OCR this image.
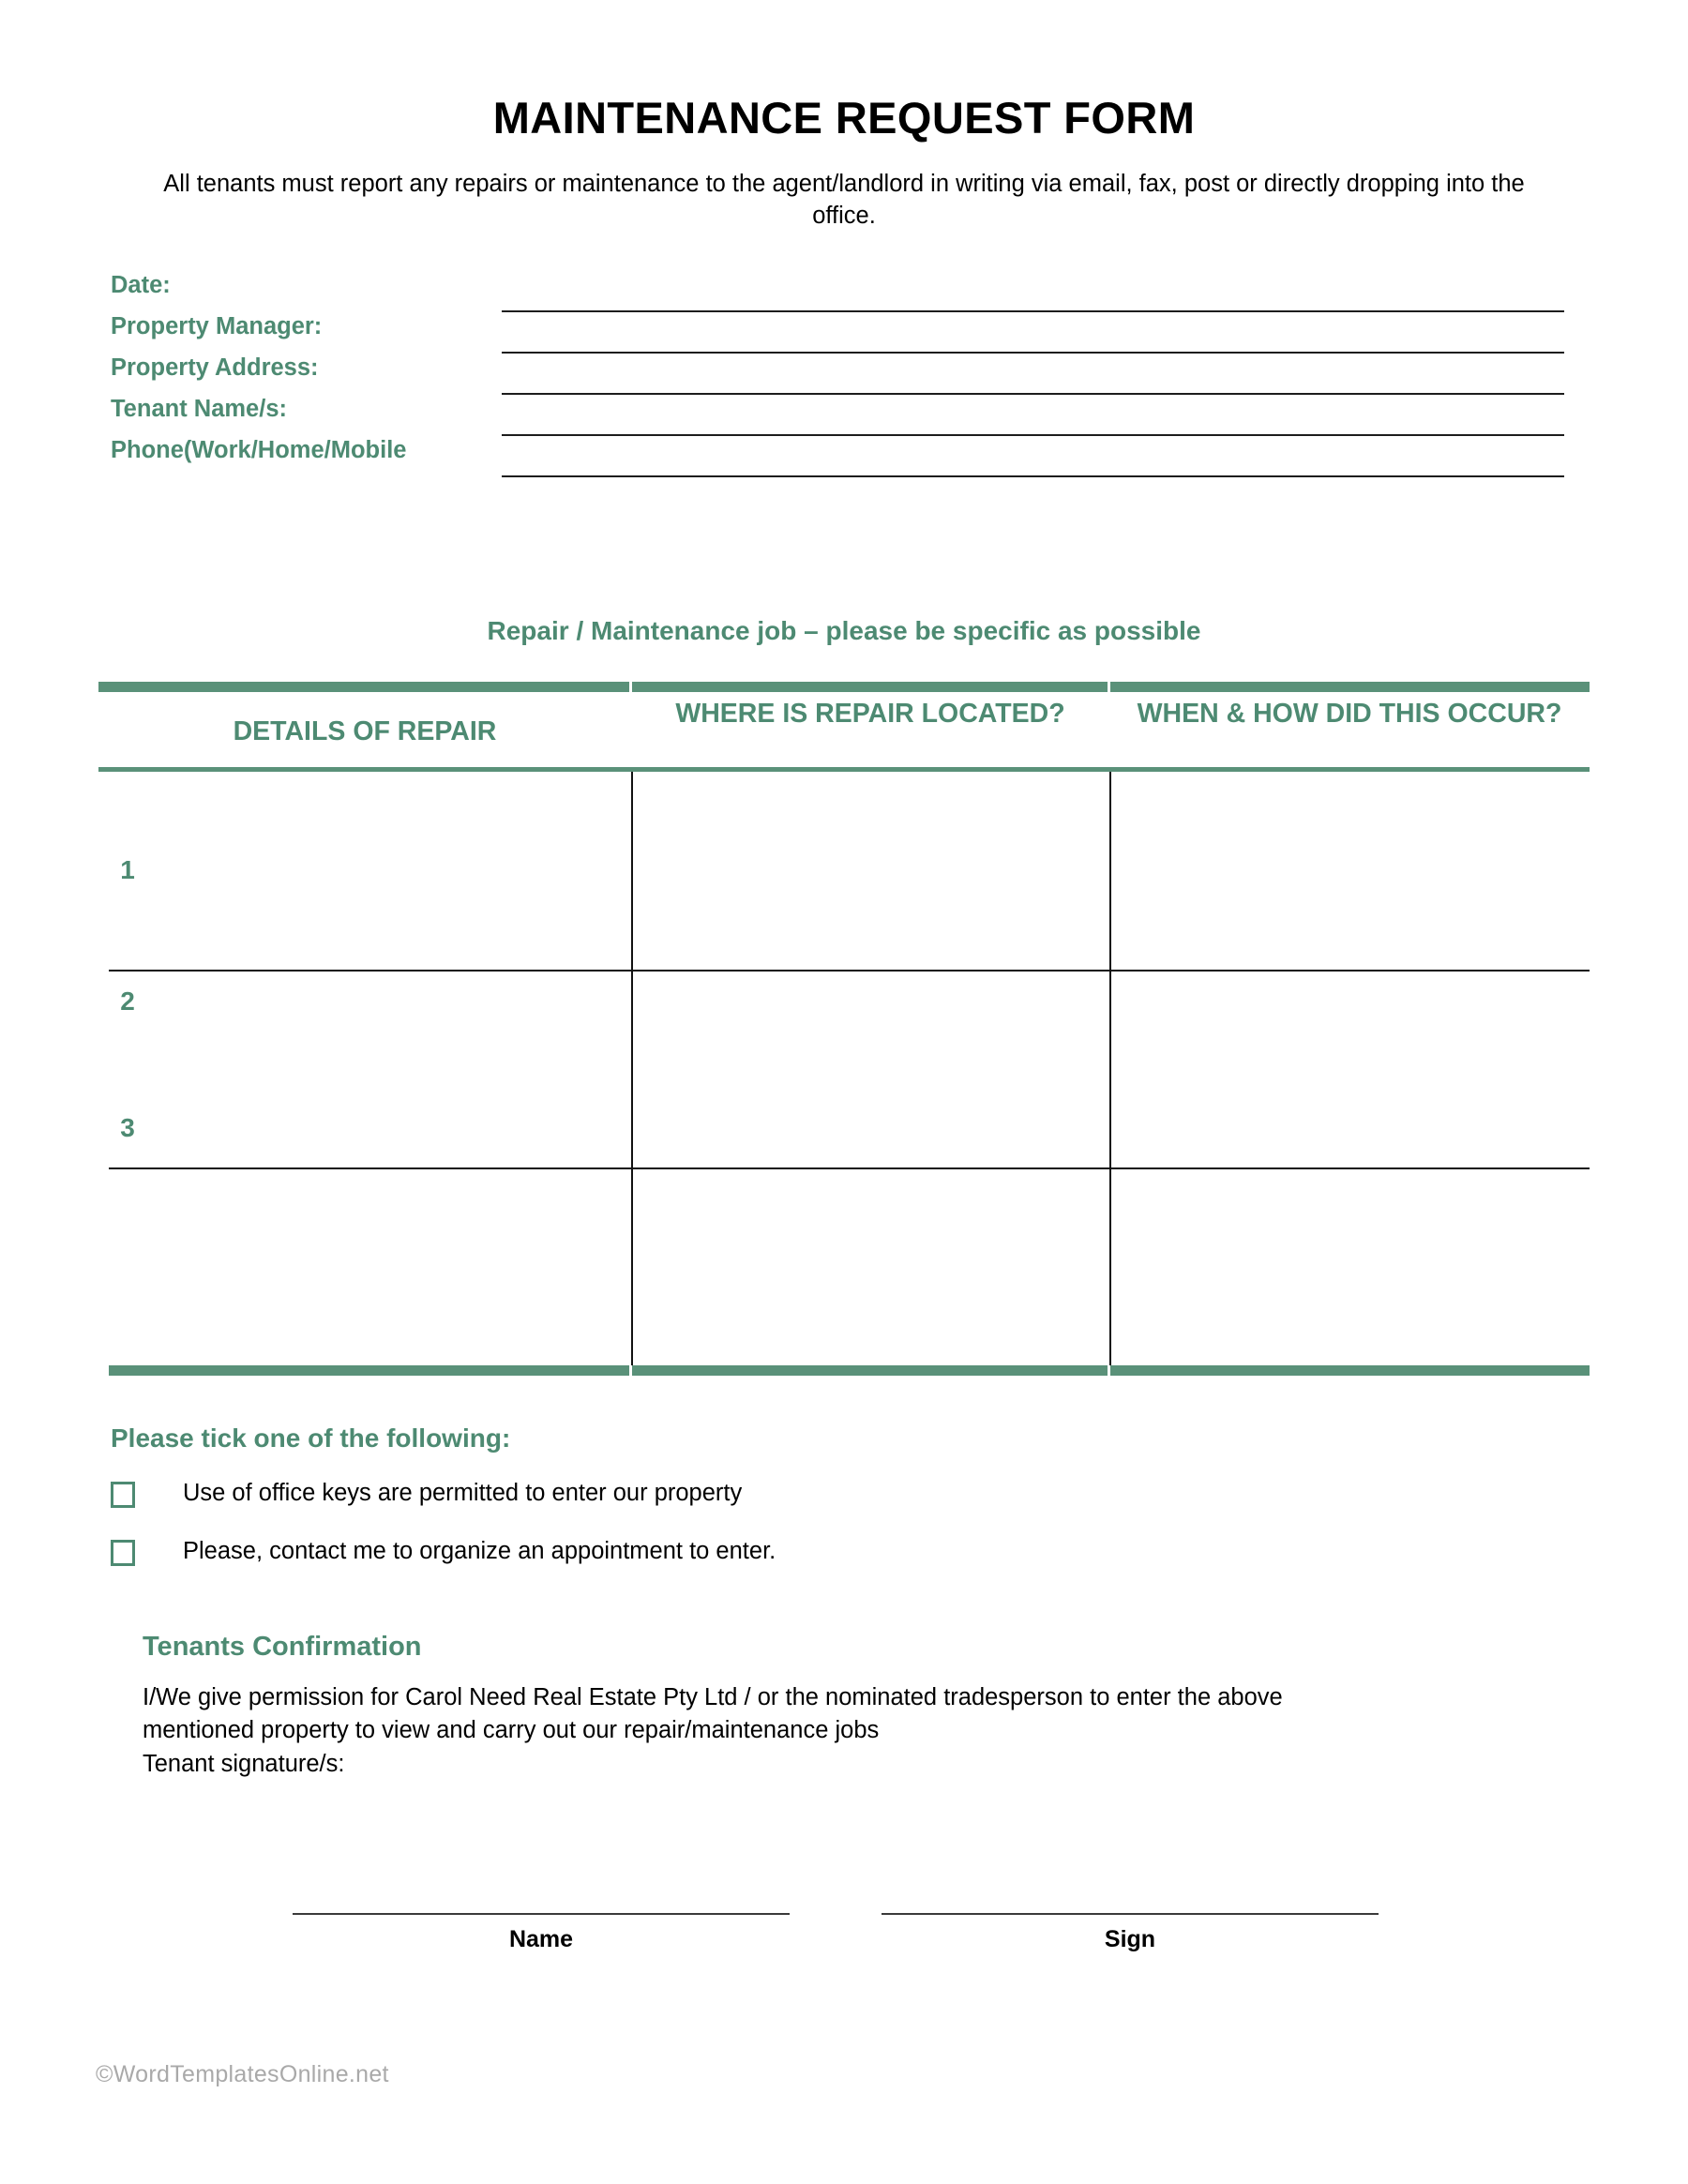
MAINTENANCE REQUEST FORM
All tenants must report any repairs or maintenance to the agent/landlord in writing via email, fax, post or directly dropping into the office.
Date:
Property Manager:
Property Address:
Tenant Name/s:
Phone(Work/Home/Mobile
Repair / Maintenance job – please be specific as possible
DETAILS OF REPAIR
WHERE IS REPAIR LOCATED?	WHEN & HOW DID THIS OCCUR?
1
2
3
Please tick one of the following:
Use of office keys are permitted to enter our property
Please, contact me to organize an appointment to enter.
Tenants Confirmation
I/We give permission for Carol Need Real Estate Pty Ltd / or the nominated tradesperson to enter the above
mentioned property to view and carry out our repair/maintenance jobs
Tenant signature/s:
Name	Sign
©WordTemplatesOnline.net
